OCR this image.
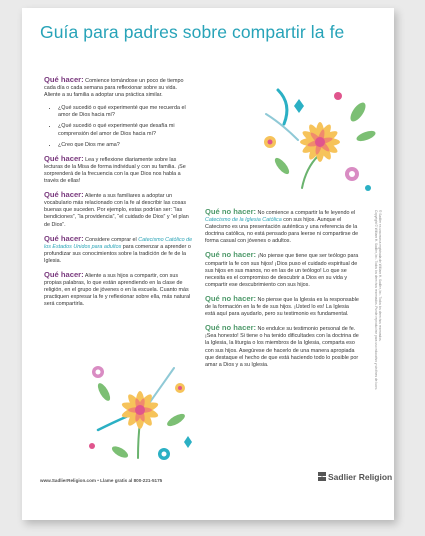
Guía para padres sobre compartir la fe

Qué hacer: Comience tomándose un poco de tiempo cada día o cada semana para reflexionar sobre su vida. Aliente a su familia a adoptar una práctica similar.

• ¿Qué sucedió o qué experimenté que me recuerda el amor de Dios hacia mí?
• ¿Qué sucedió o qué experimenté que desafía mi comprensión del amor de Dios hacia mí?
• ¿Creo que Dios me ama?

Qué hacer: Lea y reflexione diariamente sobre las lecturas de la Misa de forma individual y con su familia. ¡Se sorprenderá de la frecuencia con la que Dios nos habla a través de ellas!

Qué hacer: Aliente a sus familiares a adoptar un vocabulario más relacionado con la fe al describir las cosas buenas que suceden. Por ejemplo, estas podrían ser: “las bendiciones”, “la providencia”, “el cuidado de Dios” y “el plan de Dios”.

Qué hacer: Considere comprar el Catecismo Católico de los Estados Unidos para adultos para comenzar a aprender o profundizar sus conocimientos sobre la tradición de fe de la Iglesia.

Qué hacer: Aliente a sus hijos a compartir, con sus propias palabras, lo que están aprendiendo en la clase de religión, en el grupo de jóvenes o en la escuela. Cuanto más practiquen expresar la fe y reflexionar sobre ella, más natural será compartirla.

Qué no hacer: No comience a compartir la fe leyendo el Catecismo de la Iglesia Católica con sus hijos. Aunque el Catecismo es una presentación auténtica y una referencia de la doctrina católica, no está pensado para leerse ni compartirse de forma casual con jóvenes o adultos.

Qué no hacer: ¡No piense que tiene que ser teólogo para compartir la fe con sus hijos! ¡Dios puso el cuidado espiritual de sus hijos en sus manos, no en las de un teólogo! Lo que se necesita es el compromiso de descubrir a Dios en su vida y compartir ese descubrimiento con sus hijos.

Qué no hacer: No piense que la Iglesia es la responsable de la formación en la fe de sus hijos. ¡Usted lo es! La Iglesia está aquí para ayudarlo, pero su testimonio es fundamental.

Qué no hacer: No endulce su testimonio personal de fe. ¡Sea honesto! Si tiene o ha tenido dificultades con la doctrina de la Iglesia, la liturgia o los miembros de la Iglesia, comparta eso con sus hijos. Asegúrese de hacerlo de una manera apropiada que destaque el hecho de que está haciendo todo lo posible por amar a Dios y a su Iglesia.

® Sadlier es una marca registrada de William H. Sadlier, Inc. Todos los derechos reservados.
Copyright © William H. Sadlier, Inc. Todos los derechos reservados. Puede reproducirse para uso educativo y sin fines de lucro.
www.SadlierReligion.com • Llame gratis al 800-221-5175	Sadlier Religion
